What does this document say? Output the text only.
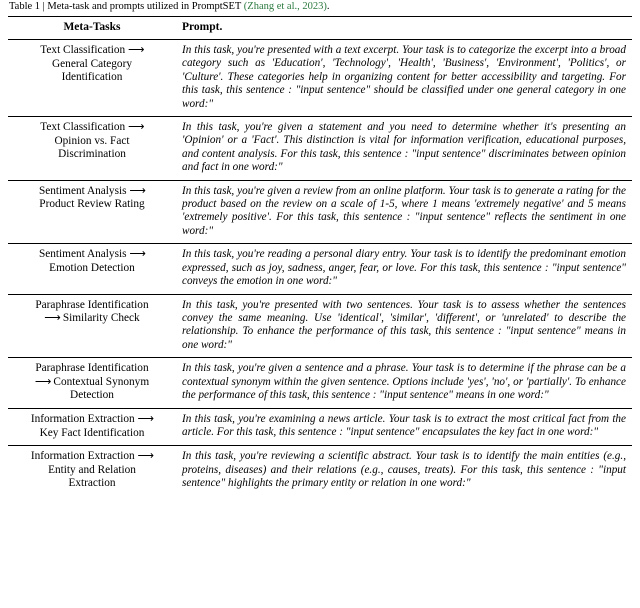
Table 1 | Meta-task and prompts utilized in PromptSET (Zhang et al., 2023).
Meta-Tasks	Prompt.
Text Classification ⟶
General Category
Identification	In this task, you're presented with a text excerpt. Your task is to categorize the excerpt into a broad category such as 'Education', 'Technology', 'Health', 'Business', 'Environment', 'Politics', or 'Culture'. These categories help in organizing content for better accessibility and targeting. For this task, this sentence : "input sentence" should be classified under one general category in one word:"
Text Classification ⟶
Opinion vs. Fact
Discrimination	In this task, you're given a statement and you need to determine whether it's presenting an 'Opinion' or a 'Fact'. This distinction is vital for information verification, educational purposes, and content analysis. For this task, this sentence : "input sentence" discriminates between opinion and fact in one word:"
Sentiment Analysis ⟶
Product Review Rating	In this task, you're given a review from an online platform. Your task is to generate a rating for the product based on the review on a scale of 1-5, where 1 means 'extremely negative' and 5 means 'extremely positive'. For this task, this sentence : "input sentence" reflects the sentiment in one word:"
Sentiment Analysis ⟶
Emotion Detection	In this task, you're reading a personal diary entry. Your task is to identify the predominant emotion expressed, such as joy, sadness, anger, fear, or love. For this task, this sentence : "input sentence" conveys the emotion in one word:"
Paraphrase Identification
⟶ Similarity Check	In this task, you're presented with two sentences. Your task is to assess whether the sentences convey the same meaning. Use 'identical', 'similar', 'different', or 'unrelated' to describe the relationship. To enhance the performance of this task, this sentence : "input sentence" means in one word:"
Paraphrase Identification
⟶ Contextual Synonym
Detection	In this task, you're given a sentence and a phrase. Your task is to determine if the phrase can be a contextual synonym within the given sentence. Options include 'yes', 'no', or 'partially'. To enhance the performance of this task, this sentence : "input sentence" means in one word:"
Information Extraction ⟶
Key Fact Identification	In this task, you're examining a news article. Your task is to extract the most critical fact from the article. For this task, this sentence : "input sentence" encapsulates the key fact in one word:"
Information Extraction ⟶
Entity and Relation
Extraction	In this task, you're reviewing a scientific abstract. Your task is to identify the main entities (e.g., proteins, diseases) and their relations (e.g., causes, treats). For this task, this sentence : "input sentence" highlights the primary entity or relation in one word:"
